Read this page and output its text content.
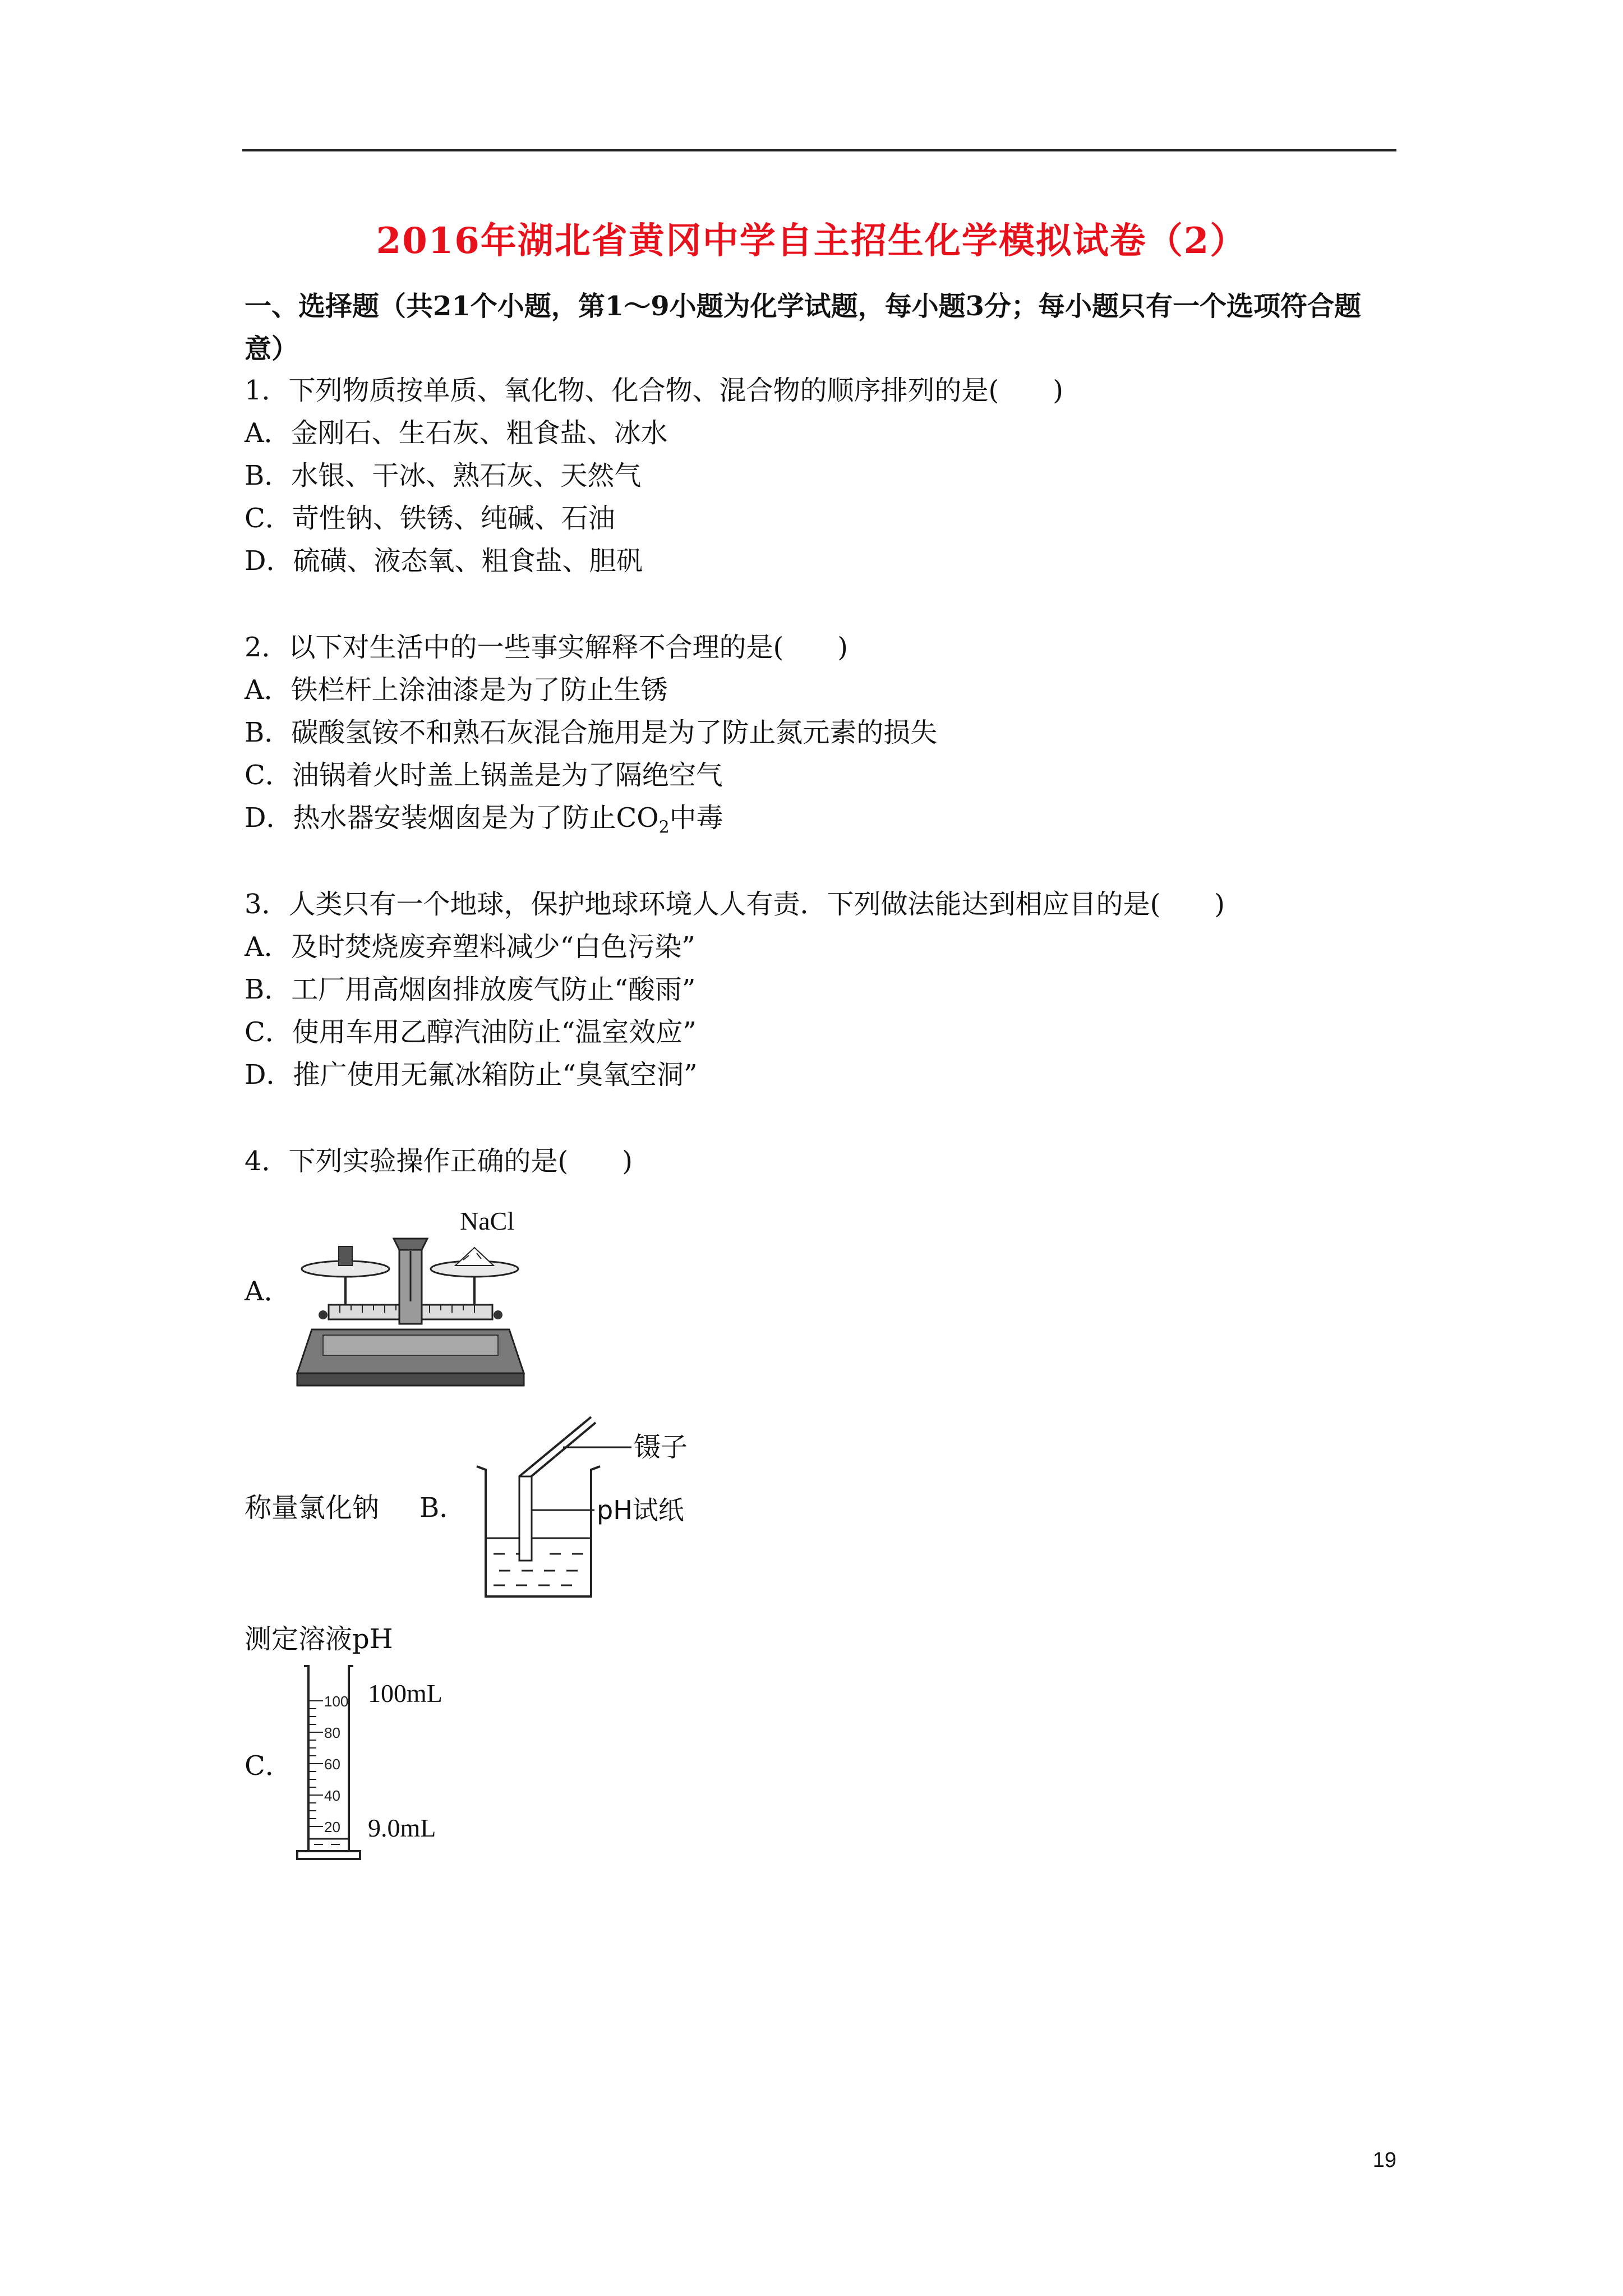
2016年湖北省黄冈中学自主招生化学模拟试卷（2）
一、选择题（共21个小题，第1～9小题为化学试题，每小题3分；每小题只有一个选项符合题意）
1．下列物质按单质、氧化物、化合物、混合物的顺序排列的是(　　)
A．金刚石、生石灰、粗食盐、冰水
B．水银、干冰、熟石灰、天然气
C．苛性钠、铁锈、纯碱、石油
D．硫磺、液态氧、粗食盐、胆矾
2．以下对生活中的一些事实解释不合理的是(　　)
A．铁栏杆上涂油漆是为了防止生锈
B．碳酸氢铵不和熟石灰混合施用是为了防止氮元素的损失
C．油锅着火时盖上锅盖是为了隔绝空气
D．热水器安装烟囱是为了防止$CO_2$中毒
3．人类只有一个地球，保护地球环境人人有责．下列做法能达到相应目的是(　　)
A．及时焚烧废弃塑料减少“白色污染”
B．工厂用高烟囱排放废气防止“酸雨”
C．使用车用乙醇汽油防止“温室效应”
D．推广使用无氟冰箱防止“臭氧空洞”
4．下列实验操作正确的是(　　)
A．
NaCl
称量氯化钠 B．
镊子
pH试纸
测定溶液pH
C．
100
80
60
40
20
100mL
9.0mL
19
